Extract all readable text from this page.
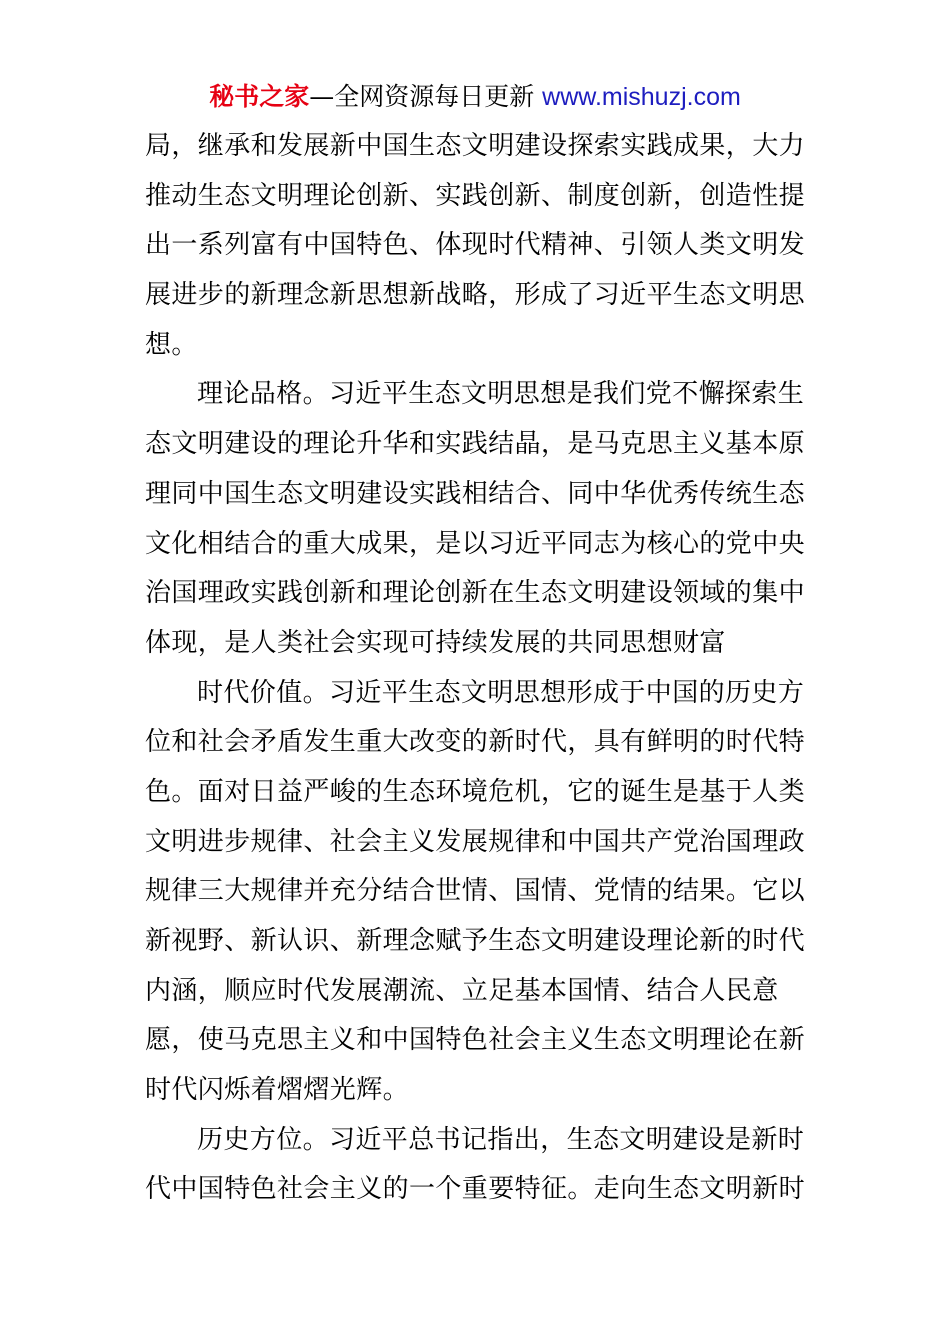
秘书之家—全网资源每日更新 www.mishuzj.com
局，继承和发展新中国生态文明建设探索实践成果，大力
推动生态文明理论创新、实践创新、制度创新，创造性提
出一系列富有中国特色、体现时代精神、引领人类文明发
展进步的新理念新思想新战略，形成了习近平生态文明思
想。
理论品格。习近平生态文明思想是我们党不懈探索生
态文明建设的理论升华和实践结晶，是马克思主义基本原
理同中国生态文明建设实践相结合、同中华优秀传统生态
文化相结合的重大成果，是以习近平同志为核心的党中央
治国理政实践创新和理论创新在生态文明建设领域的集中
体现，是人类社会实现可持续发展的共同思想财富
时代价值。习近平生态文明思想形成于中国的历史方
位和社会矛盾发生重大改变的新时代，具有鲜明的时代特
色。面对日益严峻的生态环境危机，它的诞生是基于人类
文明进步规律、社会主义发展规律和中国共产党治国理政
规律三大规律并充分结合世情、国情、党情的结果。它以
新视野、新认识、新理念赋予生态文明建设理论新的时代
内涵，顺应时代发展潮流、立足基本国情、结合人民意
愿，使马克思主义和中国特色社会主义生态文明理论在新
时代闪烁着熠熠光辉。
历史方位。习近平总书记指出，生态文明建设是新时
代中国特色社会主义的一个重要特征。走向生态文明新时
